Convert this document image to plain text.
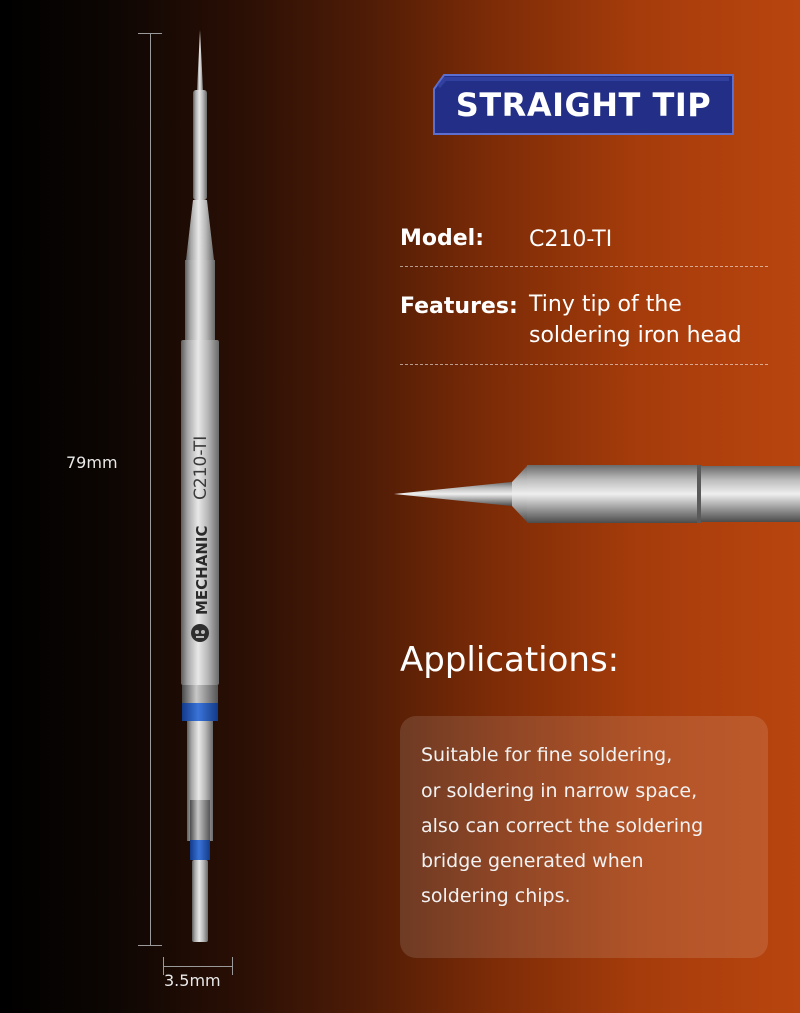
79mm
3.5mm
C210-TI
MECHANIC
STRAIGHT TIP
Model: C210-TI
Features: Tiny tip of the
soldering iron head
Applications:
Suitable for fine soldering,
or soldering in narrow space,
also can correct the soldering
bridge generated when
soldering chips.
